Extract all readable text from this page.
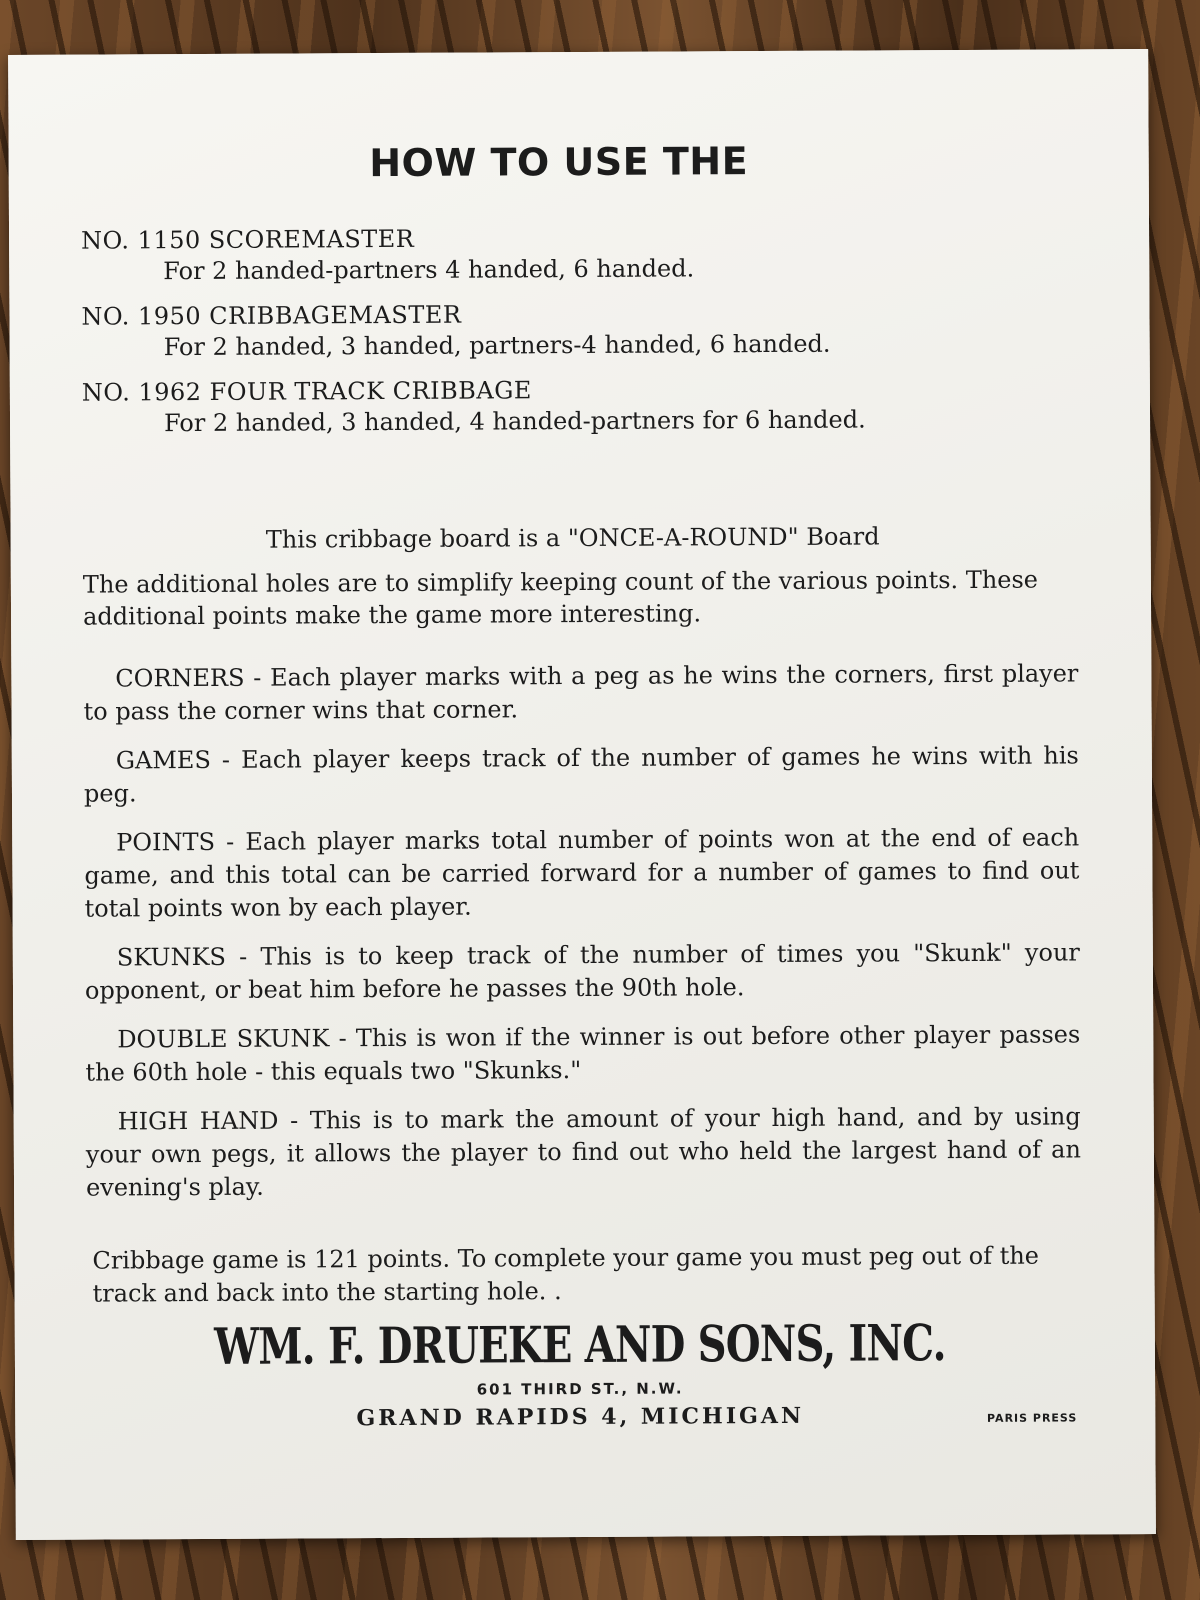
HOW TO USE THE
NO. 1150 SCOREMASTER
For 2 handed-partners 4 handed, 6 handed.
NO. 1950 CRIBBAGEMASTER
For 2 handed, 3 handed, partners-4 handed, 6 handed.
NO. 1962 FOUR TRACK CRIBBAGE
For 2 handed, 3 handed, 4 handed-partners for 6 handed.
This cribbage board is a "ONCE-A-ROUND" Board
The additional holes are to simplify keeping count of the various points. These additional points make the game more interesting.
CORNERS - Each player marks with a peg as he wins the corners, first player to pass the corner wins that corner.
GAMES - Each player keeps track of the number of games he wins with his peg.
POINTS - Each player marks total number of points won at the end of each game, and this total can be carried forward for a number of games to find out total points won by each player.
SKUNKS - This is to keep track of the number of times you "Skunk" your opponent, or beat him before he passes the 90th hole.
DOUBLE SKUNK - This is won if the winner is out before other player passes the 60th hole - this equals two "Skunks."
HIGH HAND - This is to mark the amount of your high hand, and by using your own pegs, it allows the player to find out who held the largest hand of an evening's play.
Cribbage game is 121 points. To complete your game you must peg out of the track and back into the starting hole. .
WM. F. DRUEKE AND SONS, INC.
601 THIRD ST., N.W.
GRAND RAPIDS 4, MICHIGAN	PARIS PRESS
